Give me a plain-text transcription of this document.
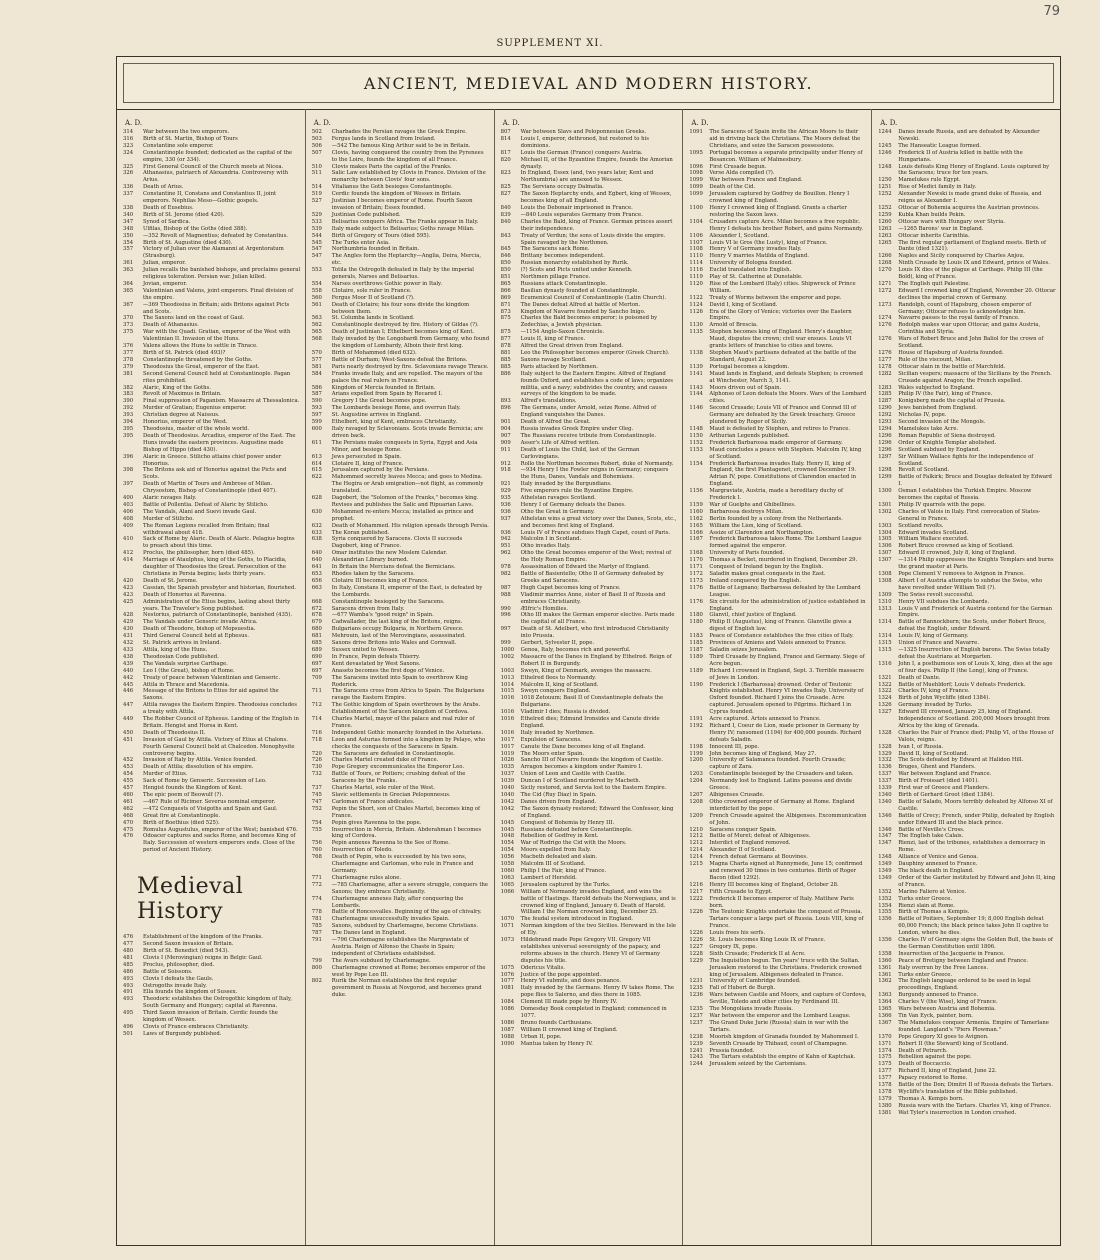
79
SUPPLEMENT XI.
ANCIENT, MEDIEVAL AND MODERN HISTORY.
A. D.
314	War between the two emperors.
316	Birth of St. Martin, Bishop of Tours
323	Constantine sole emperor.
324	Constantinople founded; dedicated as the capital of the empire, 330 (or 334).
325	First General Council of the Church meets at Nicea.
326	Athanasius, patriarch of Alexandria. Controversy with Arius.
336	Death of Arius.
337	Constantine II, Constans and Constantius II, joint emperors. Nephilas Meso—Gothic gospels.
338	Death of Eusebius.
340	Birth of St. Jerome (died 420).
347	Synod of Sardica.
348	Ulfilas, Bishop of the Goths (died 388).
350	—352 Revolt of Magnentius; defeated by Constantius.
354	Birth of St. Augustine (died 430).
357	Victory of Julian over the Alamanni at Argentoratum (Strasburg).
361	Julian, emperor.
363	Julian recalls the banished bishops, and proclaims general religious toleration. Persian war. Julian killed.
364	Jovian, emperor.
365	Valentinian and Valens, joint emperors. Final division of the empire.
367	—369 Theodosius in Britain; aids Britons against Picts and Scots.
370	The Saxons land on the coast of Gaul.
373	Death of Athanasius.
375	War with the Quadi. Gratian, emperor of the West with Valentinian II. Invasion of the Huns.
376	Valens allows the Huns to settle in Thrace.
377	Birth of St. Patrick (died 493)?
378	Constantinople threatened by the Goths.
379	Theodosius the Great, emperor of the East.
381	Second General Council held at Constantinople. Pagan rites prohibited.
382	Alaric, King of the Goths.
383	Revolt of Maximus in Britain.
390	Final suppression of Paganism. Massacre at Thessalonica.
392	Murder of Gratian; Eugenius emperor.
393	Christian degree at Naissus.
394	Honorius, emperor of the West.
395	Theodosius, master of the whole world.
395	Death of Theodosius. Arcadius, emperor of the East. The Huns invade the eastern provinces. Augustine made Bishop of Hippo (died 430).
396	Alaric in Greece. Stilicho attains chief power under Honorius.
398	The Britons ask aid of Honorius against the Picts and Scots.
397	Death of Martin of Tours and Ambrose of Milan. Chrysostom, Bishop of Constantinople (died 407).
400	Alaric ravages Italy.
403	Battle of Pollentia. Defeat of Alaric by Stilicho.
406	The Vandals, Alani and Suevi invade Gaul.
408	Murder of Stilicho.
409	The Roman Legions recalled from Britain; final withdrawal about 418.
410	Sack of Rome by Alaric. Death of Alaric. Pelagius begins to preach about this time.
412	Proclus, the philosopher, born (died 485).
414	Marriage of Ataulphus, king of the Goths, to Placidia, daughter of Theodosius the Great. Persecution of the Christians in Persia begins; lasts thirty years.
420	Death of St. Jerome.
423	Cassian, the Spanish presbyter and historian, flourished.
423	Death of Honorius at Ravenna.
425	Administration of the Etius begins, lasting about thirty years. The Traveler's Song published.
428	Nestorius, patriarch of Constantinople, banished (435).
429	The Vandals under Genseric invade Africa.
430	Death of Theodore, bishop of Mopsuestia.
431	Third General Council held at Ephesus.
432	St. Patrick arrives in Ireland.
433	Attila, king of the Huns.
438	Theodosian Code published.
439	The Vandals surprise Carthage.
440	Leo I (the Great), bishop of Rome.
442	Treaty of peace between Valentinian and Genseric.
445	Attila in Thrace and Macedonia.
446	Message of the Britons to Etius for aid against the Saxons.
447	Attila ravages the Eastern Empire. Theodosius concludes a treaty with Attila.
449	The Robber Council of Ephesus. Landing of the English in Britain. Hengist and Horsa in Kent.
450	Death of Theodosius II.
451	Invasion of Gaul by Attila. Victory of Etius at Chalons. Fourth General Council held at Chalcedon. Monophysite controversy begins.
452	Invasion of Italy by Attila. Venice founded.
453	Death of Attila; dissolution of his empire.
454	Murder of Etius.
455	Sack of Rome by Genseric. Succession of Leo.
457	Hengist founds the Kingdom of Kent.
460	The epic poem of Beowulf (?).
461	—467 Rule of Ricimer. Severus nominal emperor.
462	—472 Conquests of Visigoths and Spain and Gaul.
468	Great fire at Constantinople.
470	Birth of Boethius (died 525).
475	Romulus Augustulus, emperor of the West; banished 476.
476	Odoacer captures and sacks Rome, and becomes King of Italy. Succession of western emperors ends. Close of the period of Ancient History.
Medieval History
476	Establishment of the kingdom of the Franks.
477	Second Saxon invasion of Britain.
480	Birth of St. Benedict (died 543).
481	Clovis I (Merovingian) reigns in Belgic Gaul.
485	Proclus, philosopher, died.
486	Battle of Soissons.
493	Clovis I defeats the Gauls.
493	Ostrogoths invade Italy.
491	Ella founds the kingdom of Sussex.
493	Theodoric establishes the Ostrogothic kingdom of Italy, South Germany and Hungary; capital at Ravenna.
495	Third Saxon invasion of Britain. Cerdic founds the kingdom of Wessex.
496	Clovis of France embraces Christianity.
501	Laws of Burgundy published.
A. D.
502	Charbades the Persian ravages the Greek Empire.
503	Fergus lands in Scotland from Ireland.
506	—542 The famous King Arthur said to be in Britain.
507	Clovis, having conquered the country from the Pyrenees to the Loire, founds the kingdom of all France.
510	Clovis makes Paris the capital of the Franks.
511	Salic Law established by Clovis in France. Division of the monarchy between Clovis' four sons.
514	Vitalianus the Goth besieges Constantinople.
519	Cerdic founds the kingdom of Wessex in Britain.
527	Justinian I becomes emperor of Rome. Fourth Saxon invasion of Britain; Essex founded.
529	Justinian Code published.
533	Belisarius conquers Africa. The Franks appear in Italy.
539	Italy made subject to Belisarius; Goths ravage Milan.
544	Birth of Gregory of Tours (died 595).
545	The Turks enter Asia.
547	Northumbria founded in Britain.
547	The Angles form the Heptarchy—Anglia, Deira, Mercia, etc.
553	Totila the Ostrogoth defeated in Italy by the imperial generals, Narses and Belisarius.
554	Narses overthrows Gothic power in Italy.
558	Clotaire, sole ruler in France.
560	Fergus Moor II of Scotland (?).
561	Death of Clotaire; his four sons divide the kingdom between them.
563	St. Columba lands in Scotland.
562	Constantinople destroyed by fire. History of Gildas (?).
565	Death of Justinian I; Ethelbert becomes king of Kent.
568	Italy invaded by the Longobardi from Germany, who found the kingdom of Lombardy, Alboin their first king.
570	Birth of Mohammed (died 632).
577	Battle of Durham; West-Saxons defeat the Britons.
581	Paris nearly destroyed by fire. Sclavonians ravage Thrace.
584	Franks invade Italy, and are repelled. The mayors of the palace the real rulers in France.
586	Kingdom of Mercia founded in Britain.
587	Arians expelled from Spain by Recared I.
590	Gregory I the Great becomes pope.
593	The Lombards besiege Rome, and overrun Italy.
597	St. Augustine arrives in England.
599	Ethelbert, king of Kent, embraces Christianity.
600	Italy ravaged by Sclavonians. Scots invade Bernicia; are driven back.
611	The Persians make conquests in Syria, Egypt and Asia Minor, and besiege Rome.
613	Jews persecuted in Spain.
614	Clotaire II, king of France.
615	Jerusalem captured by the Persians.
622	Mahommed secretly leaves Mecca; and goes to Medina. The Hegira or Arab emigration—not flight, as commonly translated.
628	Dagobert, the "Solomon of the Franks," becomes king. Revises and publishes the Salic and Ripuarian Laws.
630	Mohammed re-enters Mecca; installed as prince and prophet.
632	Death of Mohammed. His religion spreads through Persia.
633	The Koran published.
638	Syria conquered by Saracens. Clovis II succeeds Dagobert, king of France.
640	Omar institutes the new Moslem Calendar.
640	Alexandrian Library burned.
641	In Britain the Mercians defeat the Bernicians.
653	Rhodes taken by the Saracens.
656	Clotaire III becomes king of France.
663	In Italy, Constans II, emperor of the East, is defeated by the Lombards.
668	Constantinople besieged by the Saracens.
672	Saracens driven from Italy.
678	—677 Wamba's "good reign" in Spain.
679	Cadwallader, the last king of the Britons, reigns.
680	Bulgarians occupy Bulgaria, in Northern Greece.
681	Mehrouin, last of the Merovingians, assassinated.
685	Saxons drive Britons into Wales and Cornwall.
689	Sussex united to Wessex.
690	In France, Pepin defeats Thierry.
697	Kent devastated by West Saxons.
697	Anaseto becomes the first doge of Venice.
709	The Saracens invited into Spain to overthrow King Roderick.
711	The Saracens cross from Africa to Spain. The Bulgarians ravage the Eastern Empire.
712	The Gothic kingdom of Spain overthrown by the Arabs. Establishment of the Saracen kingdom of Cordova.
714	Charles Martel, mayor of the palace and real ruler of France.
716	Independent Gothic monarchy founded in the Asturians.
718	Leon and Asturias formed into a kingdom by Pelayo, who checks the conquests of the Saracens in Spain.
720	The Saracens are defeated in Constantinople.
726	Charles Martel created duke of France.
730	Pope Gregory excommunicates the Emperor Leo.
732	Battle of Tours, or Poitiers; crushing defeat of the Saracens by the Franks.
737	Charles Martel, sole ruler of the West.
745	Slavic settlements in Grecian Peloponnesus.
747	Carloman of France abdicates.
752	Pepin the Short, son of Chales Martel, becomes king of France.
754	Pepin gives Ravenna to the pope.
755	Insurrection in Mercia, Britain. Abderahman I becomes king of Cordova.
756	Pepin annexes Ravenna to the See of Rome.
760	Insurrection of Toledo.
768	Death of Pepin, who is succeeded by his two sons, Charlemagne and Carloman, who rule in France and Germany.
771	Charlemagne rules alone.
772	—785 Charlemagne, after a severe struggle, conquers the Saxons; they embrace Christianity.
774	Charlemagne annexes Italy, after conquering the Lombards.
778	Battle of Roncesvalles. Beginning of the age of chivalry.
781	Charlemagne unsuccessfully invades Spain.
785	Saxons, subdued by Charlemagne, become Christians.
787	The Danes land in England.
791	—796 Charlemagne establishes the Margraviate of Austria. Reign of Alfonso the Chaste in Spain; independent of Christians established.
799	The Avars subdued by Charlemagne.
800	Charlemagne crowned at Rome; becomes emperor of the west by Pope Leo III.
802	Rurik the Norman establishes the first regular government in Russia at Novgorod, and becomes grand duke.
A. D.
807	War between Slavs and Peloponnesian Greeks.
814	Louis I, emperor, dethroned, but restored to his dominions.
817	Louis the German (France) conquers Austria.
820	Michael II, of the Byzantine Empire, founds the Amorian dynasty.
823	In England, Essex (and, two years later, Kent and Northumbria) are annexed to Wessex.
825	The Servians occupy Dalmatia.
827	The Saxon Heptarchy ends, and Egbert, king of Wessex, becomes king of all England.
840	Louis the Debonair imprisoned in France.
839	—840 Louis separates Germany from France.
840	Charles the Bald, king of France. German princes assert their independence.
843	Treaty of Verdun; the sons of Louis divide the empire. Spain ravaged by the Northmen.
845	The Saracens sack Rome.
846	Brittany becomes independent.
850	Russian monarchy established by Rurik.
850	(?) Scots and Picts united under Kenneth.
851	Northmen pillage France.
865	Russians attack Constantinople.
866	Basilian dynasty founded at Constantinople.
869	Ecumenical Council of Constantinople (Latin Church).
871	The Danes defeat Alfred at battle of Merton.
873	Kingdom of Navarre founded by Sancho Inigo.
875	Charles the Bald becomes emperor; is poisoned by Zedechias, a Jewish physician.
875	—1154 Anglo-Saxon Chronicle.
877	Louis II, king of France.
878	Alfred the Great driven from England.
881	Leo the Philosopher becomes emperor (Greek Church).
885	Saxons ravage Scotland.
885	Paris attacked by Northmen.
886	Italy subject to the Eastern Empire. Alfred of England founds Oxford, and establishes a code of laws; organizes militia, and a navy; subdivides the country, and causes surveys of the kingdom to be made.
893	Alfred's translations.
896	The Germans, under Arnold, seize Rome. Alfred of England vanquishes the Danes.
901	Death of Alfred the Great.
904	Russia invades Greek Empire under Oleg.
907	The Russians receive tribute from Constantinople.
909	Asser's Life of Alfred written.
911	Death of Louis the Child, last of the German Carlovingians.
912	Rollo the Northman becomes Robert, duke of Normandy.
918	—934 Henry I the Fowler reigns in Germany; conquers the Huns, Danes, Vandals and Bohemians.
921	Italy invaded by the Burgundians.
929	Five emperors rule the Byzantine Empire.
935	Athelstan ravages Scotland.
936	Henry I of Germany defeats the Danes.
936	Otho the Great in Germany.
937	Athelstan wins a great victory over the Danes, Scots, etc., and becomes first king of England.
936	Louis IV of France subdues Hugh Capet, count of Paris.
942	Malcolm I in Scotland.
951	Otho invades Italy.
962	Otho the Great becomes emperor of the West; revival of the Holy Roman Empire.
978	Assassination of Edward the Martyr of England.
982	Battle of Basientello; Otho II of Germany defeated by Greeks and Saracens.
987	Hugh Capet becomes king of France.
988	Vladimir marries Anne, sister of Basil II of Russia and embraces Christianity.
990	Ælfric's Homilies.
996	Otho III makes the German emperor elective. Paris made the capital of all France.
997	Death of St. Adelbert, who first introduced Christianity into Prussia.
999	Gerbert, Sylvester II, pope.
1000	Genoa, Italy, becomes rich and powerful.
1002	Massacre of the Danes in England by Ethelred. Reign of Robert II in Burgundy.
1003	Sweyn, King of Denmark, avenges the massacre.
1013	Ethelred flees to Normandy.
1014	Malcolm II, king of Scotland.
1015	Sweyn conquers England.
1016	1018 Zetouum; Basil II of Constantinople defeats the Bulgarians.
1016	Vladimir I dies; Russia is divided.
1016	Ethelred dies; Edmund Ironsides and Canute divide England.
1016	Italy invaded by Northmen.
1017	Expulsion of Saracens.
1017	Canute the Dane becomes king of all England.
1019	The Moors enter Spain.
1026	Sancho III of Navarre founds the kingdom of Castile.
1035	Arragon becomes a kingdom under Ramiro I.
1037	Union of Leon and Castile with Castile.
1039	Duncan I of Scotland murdered by Macbeth.
1040	Sicily restored, and Servia lost to the Eastern Empire.
1040	The Cid (Ruy Diaz) in Spain.
1042	Danes driven from England.
1042	The Saxon dynasty restored; Edward the Confessor, king of England.
1045	Conquest of Bohemia by Henry III.
1045	Russians defeated before Constantinople.
1048	Rebellion of Godfrey in Kent.
1054	War of Rodrigo the Cid with the Moors.
1054	Moors expelled from Italy.
1056	Macbeth defeated and slain.
1058	Malcolm III of Scotland.
1060	Philip I the Fair, king of France.
1063	Lambert of Hersfeld.
1065	Jerusalem captured by the Turks.
1066	William of Normandy invades England, and wins the battle of Hastings. Harold defeats the Norwegians, and is crowned king of England, January 6. Death of Harold. William I the Norman crowned king, December 25.
1070	The feudal system introduced in England.
1071	Norman kingdom of the two Sicilies. Hereward in the Isle of Ely.
1073	Hildebrand made Pope Gregory VII. Gregory VII establishes universal sovereignty of the papacy, and reforms abuses in the church. Henry VI of Germany disputes his title.
1075	Odericus Vitalis.
1076	Justice of the pope appointed.
1077	Henry VI submits, and does penance.
1081	Italy invaded by the Germans. Henry IV takes Rome. The pope flies to Salerno, and dies there in 1085.
1084	Clement III made pope by Henry IV.
1086	Domesday Book completed in England; commenced in 1077.
1086	Bruno founds Carthusians.
1087	William II crowned king of England.
1088	Urban II, pope.
1090	Mantua taken by Henry IV.
A. D.
1091	The Saracens of Spain invite the African Moors to their aid in driving back the Christians. The Moors defeat the Christians, and seize the Saracen possessions.
1095	Portugal becomes a separate principality under Henry of Besancon. William of Malmesbury.
1096	First Crusade begun.
1098	Verse Alda compiled (?).
1099	War between France and England.
1099	Death of the Cid.
1099	Jerusalem captured by Godfrey de Bouillon. Henry I crowned king of England.
1100	Henry I crowned king of England. Grants a charter restoring the Saxon laws.
1104	Crusaders capture Acre. Milan becomes a free republic. Henry I defeats his brother Robert, and gains Normandy.
1106	Alexander I, Scotland.
1107	Louis VI le Gros (the Lusty), king of France.
1108	Henry V of Germany invades Italy.
1110	Henry V marries Matilda of England.
1114	University of Bologna founded.
1116	Euclid translated into English.
1119	Play of St. Catherine at Dunstable.
1120	Rise of the Lombard (Italy) cities. Shipwreck of Prince William.
1122	Treaty of Worms between the emperor and pope.
1124	David I, king of Scotland.
1126	Era of the Glory of Venice; victories over the Eastern Empire.
1130	Arnold of Brescia.
1135	Stephen becomes king of England. Henry's daughter, Maud, disputes the crown; civil war ensues. Louis VI grants letters of franchise to cities and towns.
1138	Stephen Maud's partisans defeated at the battle of the Standard, August 22.
1139	Portugal becomes a kingdom.
1141	Maud lands in England, and defeats Stephen; is crowned at Winchester, March 3, 1141.
1143	Moors driven out of Spain.
1144	Alphonso of Leon defeats the Moors. Wars of the Lombard cities.
1146	Second Crusade; Louis VII of France and Conrad III of Germany are defeated by the Greek treachery. Greece plundered by Roger of Sicily.
1148	Maud is defeated by Stephen, and retires to France.
1150	Arthurian Legends published.
1152	Frederick Barbarossa made emperor of Germany.
1153	Maud concludes a peace with Stephen. Malcolm IV, king of Scotland.
1154	Frederick Barbarossa invades Italy. Henry II, king of England, the first Plantagenet, crowned December 19. Adrian IV, pope. Constitutions of Clarendon enacted in England.
1156	Margraviate, Austria, made a hereditary duchy of Frederick I.
1159	War of Guelphs and Ghibellines.
1160	Barbarossa destroys Milan.
1162	Berlin founded by a colony from the Netherlands.
1165	William the Lion, king of Scotland.
1166	Assize of Clarendon and Northampton.
1167	Frederick Barbarossa takes Rome. The Lombard League formed against the emperor.
1168	University of Paris founded.
1170	Thomas a Becket, murdered in England, December 29.
1171	Conquest of Ireland begun by the English.
1172	Saladin makes great conquests in the East.
1173	Ireland conquered by the English.
1176	Battle of Legnano; Barbarossa defeated by the Lombard League.
1176	Six circuits for the administration of justice established in England.
1180	Glanvil, chief justice of England.
1180	Philip II (Augustus), king of France. Glanville gives a digest of English law.
1183	Peace of Constance establishes the free cities of Italy.
1185	Provinces of Amiens and Valois annexed to France.
1187	Saladin seizes Jerusalem.
1189	Third Crusade by England, France and Germany. Siege of Acre begun.
1189	Richard I crowned in England, Sept. 3. Terrible massacre of Jews in London.
1190	Frederick I (Barbarossa) drowned. Order of Teutonic Knights established. Henry VI invades Italy. University of Oxford founded. Richard I joins the Crusade. Acre captured. Jerusalem opened to Pilgrims. Richard I in Cyprus founded.
1191	Acre captured. Artois annexed to France.
1192	Richard I, Coeur de Lion, made prisoner in Germany by Henry IV; ransomed (1194) for 400,000 pounds. Richard defeats Saladin.
1198	Innocent III, pope.
1199	John becomes king of England, May 27.
1200	University of Salamanca founded. Fourth Crusade; capture of Zara.
1203	Constantinople besieged by the Crusaders and taken.
1204	Normandy lost to England. Latins possess and divide Greece.
1207	Albigenses Crusade.
1208	Otho crowned emperor of Germany at Rome. England interdicted by the pope.
1209	French Crusade against the Albigenses. Excommunication of John.
1210	Saracens conquer Spain.
1212	Battle of Muret; defeat of Albigenses.
1212	Interdict of England removed.
1214	Alexander II of Scotland.
1214	French defeat Germans at Bouvines.
1215	Magna Charta signed at Runnymede, June 15; confirmed and renewed 30 times in two centuries. Birth of Roger Bacon (died 1292).
1216	Henry III becomes king of England, October 28.
1217	Fifth Crusade to Egypt.
1222	Frederick II becomes emperor of Italy. Matthew Paris born.
1226	The Teutonic Knights undertake the conquest of Prussia. Tartars conquer a large part of Russia. Louis VIII, king of France.
1226	Louis frees his serfs.
1226	St. Louis becomes King Louis IX of France.
1227	Gregory IX, pope.
1228	Sixth Crusade; Frederick II at Acre.
1229	The Inquisition begun. Ten years' truce with the Sultan. Jerusalem restored to the Christians. Frederick crowned king of Jerusalem. Albigenses defeated in France.
1231	University of Cambridge founded.
1235	Fall of Hubert de Burgh.
1236	Wars between Castile and Moors, and capture of Cordova, Seville, Toledo and other cities by Ferdinand III.
1235	The Mongolians invade Russia.
1237	War between the emperor and the Lombard League.
1237	The Grand Duke Jurie (Russia) slain in war with the Tartars.
1238	Moorish kingdom of Granada founded by Mahommed I.
1239	Seventh Crusade by Thibaud, count of Champagne.
1241	Prussia founded.
1243	The Tartars establish the empire of Kahn of Kaptchak.
1244	Jerusalem seized by the Carismians.
A. D.
1244	Danes invade Russia, and are defeated by Alexander Newski.
1245	The Hanseatic League formed.
1246	Frederick II of Austria killed in battle with the Hungarians.
1248	Louis defeats King Henry of England. Louis captured by the Saracens; truce for ten years.
1250	Mamelukes rule Egypt.
1251	Rise of Medici family in Italy.
1252	Alexander Newski is made grand duke of Russia, and reigns as Alexander I.
1252	Ottocar of Bohemia acquires the Austrian provinces.
1259	Kubla Khan builds Pekin.
1260	Ottocar wars with Hungary over Styria.
1263	—1265 Barons' war in England.
1263	Ottocar inherits Carinthia.
1265	The first regular parliament of England meets. Birth of Dante (died 1321).
1266	Naples and Sicily conquered by Charles Anjou.
1268	Ninth Crusade by Louis IX and Edward, prince of Wales.
1270	Louis IX dies of the plague at Carthage. Philip III (the Bold), king of France.
1271	The English quit Palestine.
1272	Edward I crowned king of England, November 20. Ottocar declines the imperial crown of Germany.
1273	Randolph, count of Hapsburg, chosen emperor of Germany; Ottocar refuses to acknowledge him.
1274	Navarre passes to the royal family of France.
1276	Rodolph makes war upon Ottocar, and gains Austria, Corinthia and Styria.
1276	Wars of Robert Bruce and John Baliol for the crown of Scotland.
1276	House of Hapsburg of Austria founded.
1277	Rule of the viscount, Milan.
1278	Ottocar slain in the battle of Marchfeld.
1282	Sicilian vespers; massacre of the Sicilians by the French. Crusade against Aragon; the French expelled.
1283	Wales subjected to England.
1285	Philip IV (the Fair), king of France.
1287	Konigsberg made the capital of Prussia.
1290	Jews banished from England.
1292	Nicholas IV, pope.
1293	Second invasion of the Mongols.
1294	Mamelukes take Acre.
1296	Roman Republic of Siena destroyed.
1296	Order of Knights Templar abolished.
1296	Scotland subdued by England.
1297	Sir William Wallace fights for the independence of Scotland.
1298	Revolt of Scotland.
1299	Battle of Falkirk; Bruce and Douglas defeated by Edward I.
1300	Osman I establishes the Turkish Empire. Moscow becomes the capital of Russia.
1301	Philip IV quarrels with the pope.
1302	Charles of Valois in Italy. First convocation of States-General in France.
1303	Scotland revolts.
1304	Edward invades Scotland.
1305	William Wallace executed.
1306	Robert Bruce crowned as king of Scotland.
1307	Edward II crowned, July 8, king of England.
1307	—1314 Philip suppresses the Knights Templars and burns the grand master at Paris.
1308	Pope Clement V removes to Avignon in France.
1308	Albert I of Austria attempts to subdue the Swiss, who have revolted under William Tell (?).
1309	The Swiss revolt successful.
1310	Henry VII subdues the Lombards.
1313	Louis V and Frederick of Austria contend for the German Empire.
1314	Battle of Bannockburn; the Scots, under Robert Bruce, defeat the English, under Edward.
1314	Louis IV, king of Germany.
1315	Union of France and Navarre.
1315	—1325 Insurrection of English barons. The Swiss totally defeat the Austrians at Morgarten.
1316	John I, a posthumous son of Louis X, king, dies at the age of four days. Philip II (the Long), king of France.
1321	Death of Dante.
1322	Battle of Muehldorf; Louis V defeats Frederick.
1322	Charles IV, king of France.
1324	Birth of John Wycliffe (died 1384).
1326	Germany invaded by Turks.
1327	Edward III crowned, January 25, king of England. Independence of Scotland. 200,000 Moors brought from Africa by the king of Grenada.
1328	Charles the Fair of France died; Philip VI, of the House of Valois, reigns.
1328	Ivan I, of Russia.
1329	David II, king of Scotland.
1332	The Scots defeated by Edward at Halidon Hill.
1336	Bruges, Ghent and Flanders.
1337	War between England and France.
1337	Birth of Froissart (died 1401).
1339	First war of Greece and Flanders.
1340	Birth of Gerhard Groot (died 1384).
1340	Battle of Salado, Moors terribly defeated by Alfonso XI of Castile.
1346	Battle of Crecy; French, under Philip, defeated by English under Edward III and the black prince.
1346	Battle of Neville's Cross.
1347	The English take Calais.
1347	Rienzi, last of the tribunes, establishes a democracy in Rome.
1348	Alliance of Venice and Genoa.
1349	Dauphiny annexed to France.
1349	The black death in England.
1349	Order of the Garter instituted by Edward and John II, king of France.
1352	Marino Faliero at Venice.
1352	Turks enter Greece.
1354	Rienzi slain at Rome.
1355	Birth of Thomas a Kempis.
1356	Battle of Poitiers, September 19; 8,000 English defeat 60,000 French; the black prince takes John II captive to London, where he dies.
1356	Charles IV of Germany signs the Golden Bull, the basis of the German Constitution until 1806.
1358	Insurrection of the Jacquerie in France.
1360	Peace of Bretigny between England and France.
1361	Italy overrun by the Free Lances.
1361	Turks enter Greece.
1362	The English language ordered to be used in legal proceedings, England.
1363	Burgundy annexed to France.
1364	Charles V (the Wise), king of France.
1365	Wars between Austria and Bohemia.
1366	Tin Van Eyck, painter, born.
1367	The Mamelukes conquer Armenia. Empire of Tamerlane founded. Langland's "Piers Plowman."
1370	Pope Gregory XI goes to Avignon.
1371	Robert II (the Steward) king of Scotland.
1374	Death of Petrarch.
1375	Rebellion against the pope.
1375	Death of Boccaccio.
1377	Richard II, king of England, June 22.
1377	Papacy restored to Rome.
1378	Battle of the Don; Dimitri II of Russia defeats the Tartars.
1378	Wycliffe's translation of the Bible published.
1379	Thomas A. Kempis born.
1380	Russia wars with the Tartars. Charles VI, king of France.
1381	Wat Tyler's insurrection in London crushed.
